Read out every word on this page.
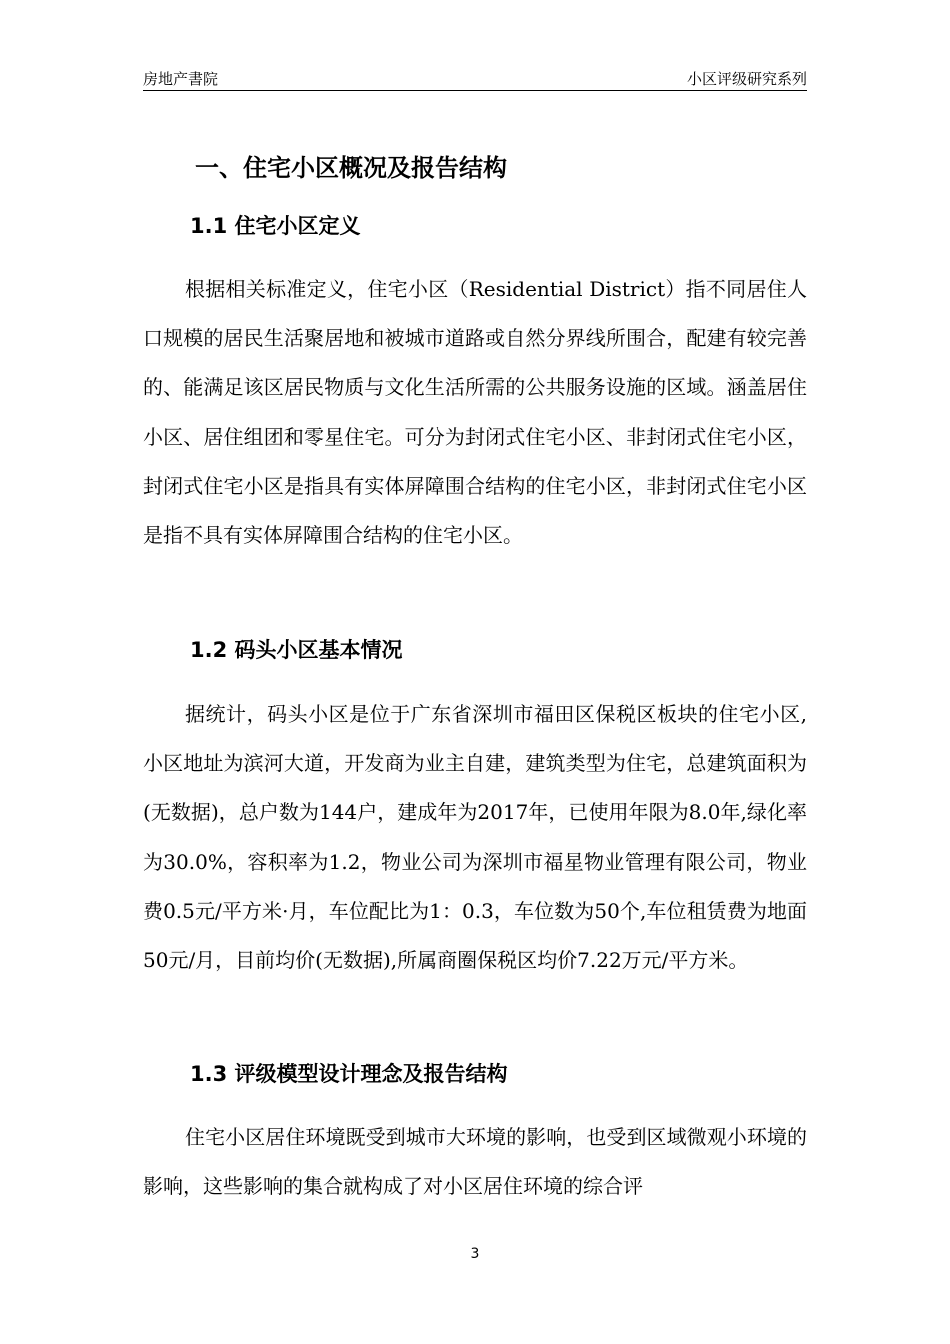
房地产書院	小区评级研究系列
一、住宅小区概况及报告结构
1.1 住宅小区定义
根据相关标准定义，住宅小区（Residential District）指不同居住人口规模的居民生活聚居地和被城市道路或自然分界线所围合，配建有较完善的、能满足该区居民物质与文化生活所需的公共服务设施的区域。涵盖居住小区、居住组团和零星住宅。可分为封闭式住宅小区、非封闭式住宅小区，封闭式住宅小区是指具有实体屏障围合结构的住宅小区，非封闭式住宅小区是指不具有实体屏障围合结构的住宅小区。
1.2 码头小区基本情况
据统计，码头小区是位于广东省深圳市福田区保税区板块的住宅小区,小区地址为滨河大道，开发商为业主自建，建筑类型为住宅，总建筑面积为(无数据)，总户数为144户，建成年为2017年，已使用年限为8.0年,绿化率为30.0%，容积率为1.2，物业公司为深圳市福星物业管理有限公司，物业费0.5元/平方米·月，车位配比为1：0.3，车位数为50个,车位租赁费为地面50元/月，目前均价(无数据),所属商圈保税区均价7.22万元/平方米。
1.3 评级模型设计理念及报告结构
住宅小区居住环境既受到城市大环境的影响，也受到区域微观小环境的影响，这些影响的集合就构成了对小区居住环境的综合评
3
